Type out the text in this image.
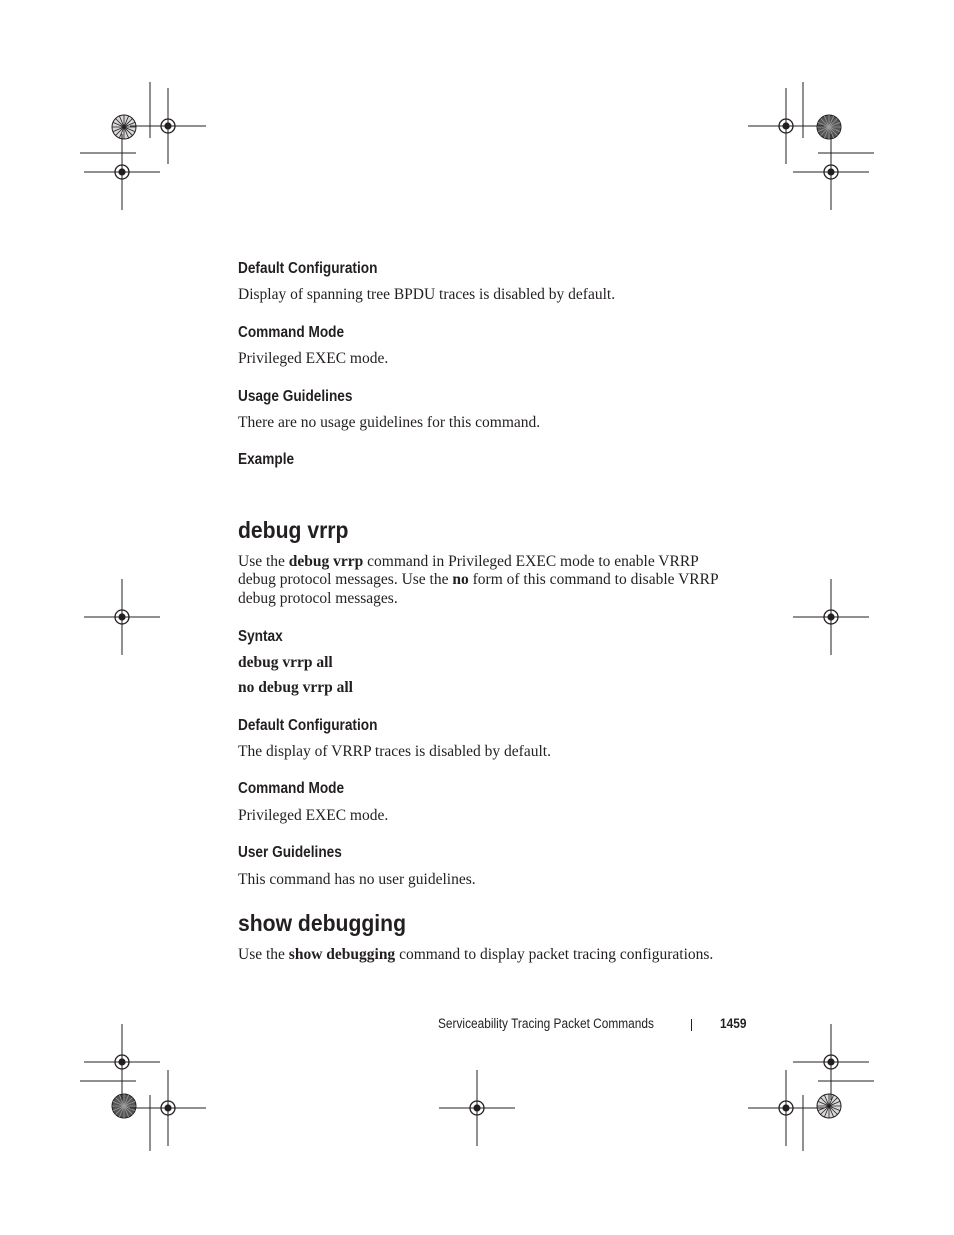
Default Configuration

Display of spanning tree BPDU traces is disabled by default.

Command Mode

Privileged EXEC mode.

Usage Guidelines

There are no usage guidelines for this command.

Example
debug vrrp

Use the debug vrrp command in Privileged EXEC mode to enable VRRP

debug protocol messages. Use the no form of this command to disable VRRP

debug protocol messages.

Syntax

debug vrrp all

no debug vrrp all

Default Configuration

The display of VRRP traces is disabled by default.

Command Mode

Privileged EXEC mode.

User Guidelines

This command has no user guidelines.

show debugging

Use the show debugging command to display packet tracing configurations.

Serviceability Tracing Packet Commands	1459
